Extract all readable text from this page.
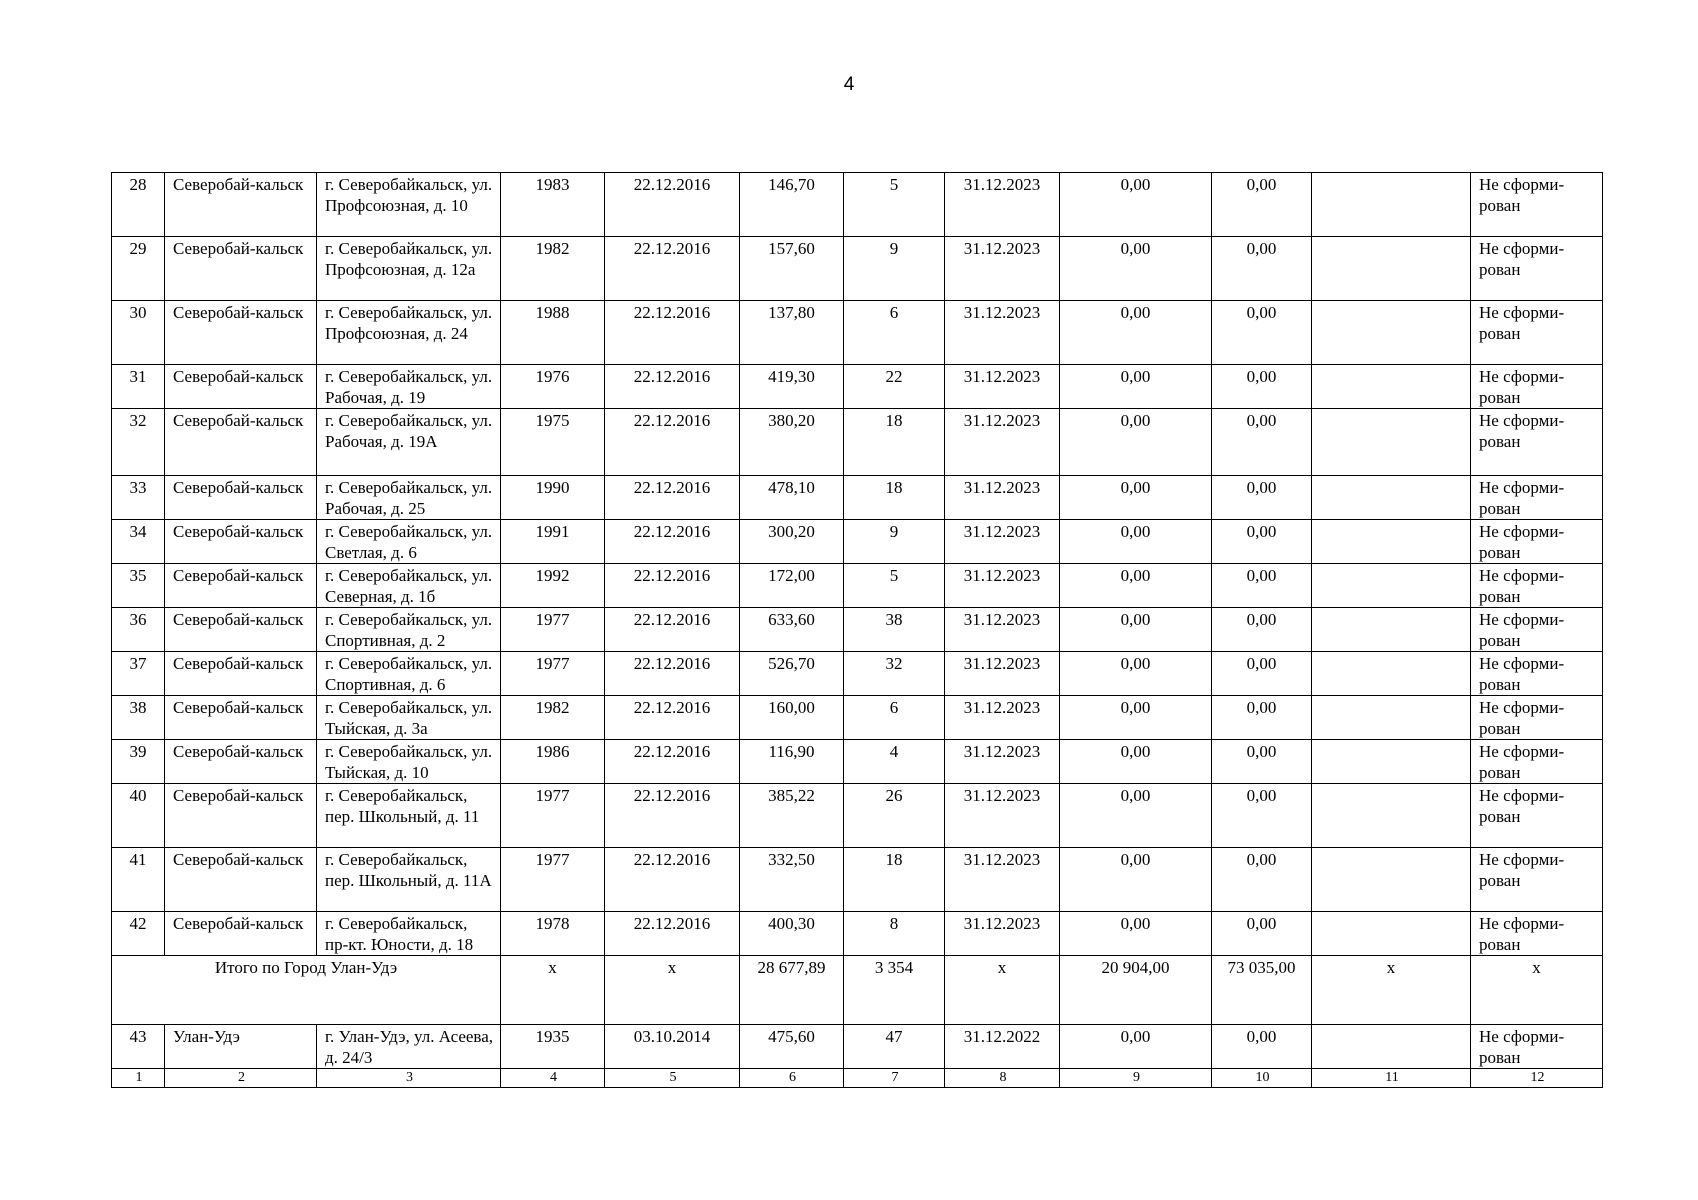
4
28	Северобай-кальск	г. Северобайкальск, ул. Профсоюзная, д. 10	1983	22.12.2016	146,70	5	31.12.2023	0,00	0,00		Не сформи-рован
29	Северобай-кальск	г. Северобайкальск, ул. Профсоюзная, д. 12а	1982	22.12.2016	157,60	9	31.12.2023	0,00	0,00		Не сформи-рован
30	Северобай-кальск	г. Северобайкальск, ул. Профсоюзная, д. 24	1988	22.12.2016	137,80	6	31.12.2023	0,00	0,00		Не сформи-рован
31	Северобай-кальск	г. Северобайкальск, ул. Рабочая, д. 19	1976	22.12.2016	419,30	22	31.12.2023	0,00	0,00		Не сформи-рован
32	Северобай-кальск	г. Северобайкальск, ул. Рабочая, д. 19А	1975	22.12.2016	380,20	18	31.12.2023	0,00	0,00		Не сформи-рован
33	Северобай-кальск	г. Северобайкальск, ул. Рабочая, д. 25	1990	22.12.2016	478,10	18	31.12.2023	0,00	0,00		Не сформи-рован
34	Северобай-кальск	г. Северобайкальск, ул. Светлая, д. 6	1991	22.12.2016	300,20	9	31.12.2023	0,00	0,00		Не сформи-рован
35	Северобай-кальск	г. Северобайкальск, ул. Северная, д. 1б	1992	22.12.2016	172,00	5	31.12.2023	0,00	0,00		Не сформи-рован
36	Северобай-кальск	г. Северобайкальск, ул. Спортивная, д. 2	1977	22.12.2016	633,60	38	31.12.2023	0,00	0,00		Не сформи-рован
37	Северобай-кальск	г. Северобайкальск, ул. Спортивная, д. 6	1977	22.12.2016	526,70	32	31.12.2023	0,00	0,00		Не сформи-рован
38	Северобай-кальск	г. Северобайкальск, ул. Тыйская, д. 3а	1982	22.12.2016	160,00	6	31.12.2023	0,00	0,00		Не сформи-рован
39	Северобай-кальск	г. Северобайкальск, ул. Тыйская, д. 10	1986	22.12.2016	116,90	4	31.12.2023	0,00	0,00		Не сформи-рован
40	Северобай-кальск	г. Северобайкальск, пер. Школьный, д. 11	1977	22.12.2016	385,22	26	31.12.2023	0,00	0,00		Не сформи-рован
41	Северобай-кальск	г. Северобайкальск, пер. Школьный, д. 11А	1977	22.12.2016	332,50	18	31.12.2023	0,00	0,00		Не сформи-рован
42	Северобай-кальск	г. Северобайкальск, пр-кт. Юности, д. 18	1978	22.12.2016	400,30	8	31.12.2023	0,00	0,00		Не сформи-рован
Итого по Город Улан-Удэ			х	х	28 677,89	3 354	х	20 904,00	73 035,00	х	х
43	Улан-Удэ	г. Улан-Удэ, ул. Асеева, д. 24/3	1935	03.10.2014	475,60	47	31.12.2022	0,00	0,00		Не сформи-рован
1	2	3	4	5	6	7	8	9	10	11	12
